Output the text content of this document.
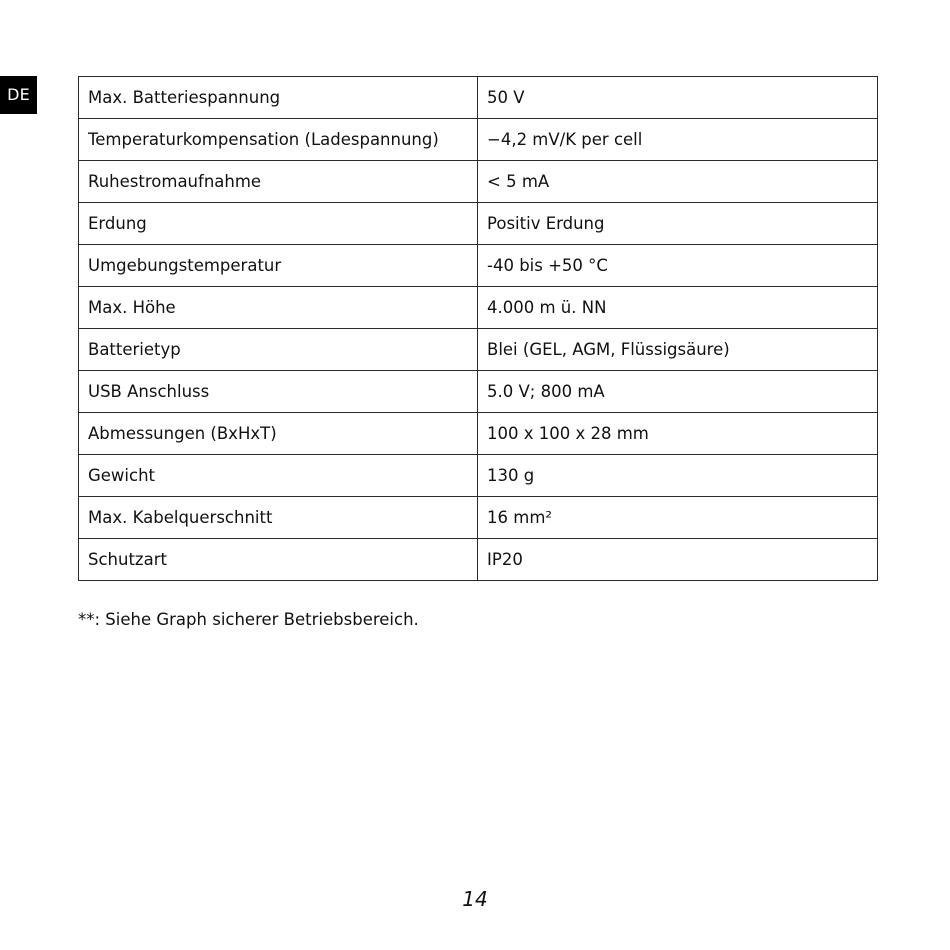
DE	Max. Batteriespannung	50 V
Temperaturkompensation (Ladespannung)	−4,2 mV/K per cell
Ruhestromaufnahme	< 5 mA
Erdung	Positiv Erdung
Umgebungstemperatur	-40 bis +50 °C
Max. Höhe	4.000 m ü. NN
Batterietyp	Blei (GEL, AGM, Flüssigsäure)
USB Anschluss	5.0 V; 800 mA
Abmessungen (BxHxT)	100 x 100 x 28 mm
Gewicht	130 g
Max. Kabelquerschnitt	16 mm²
Schutzart	IP20
**: Siehe Graph sicherer Betriebsbereich.
14
